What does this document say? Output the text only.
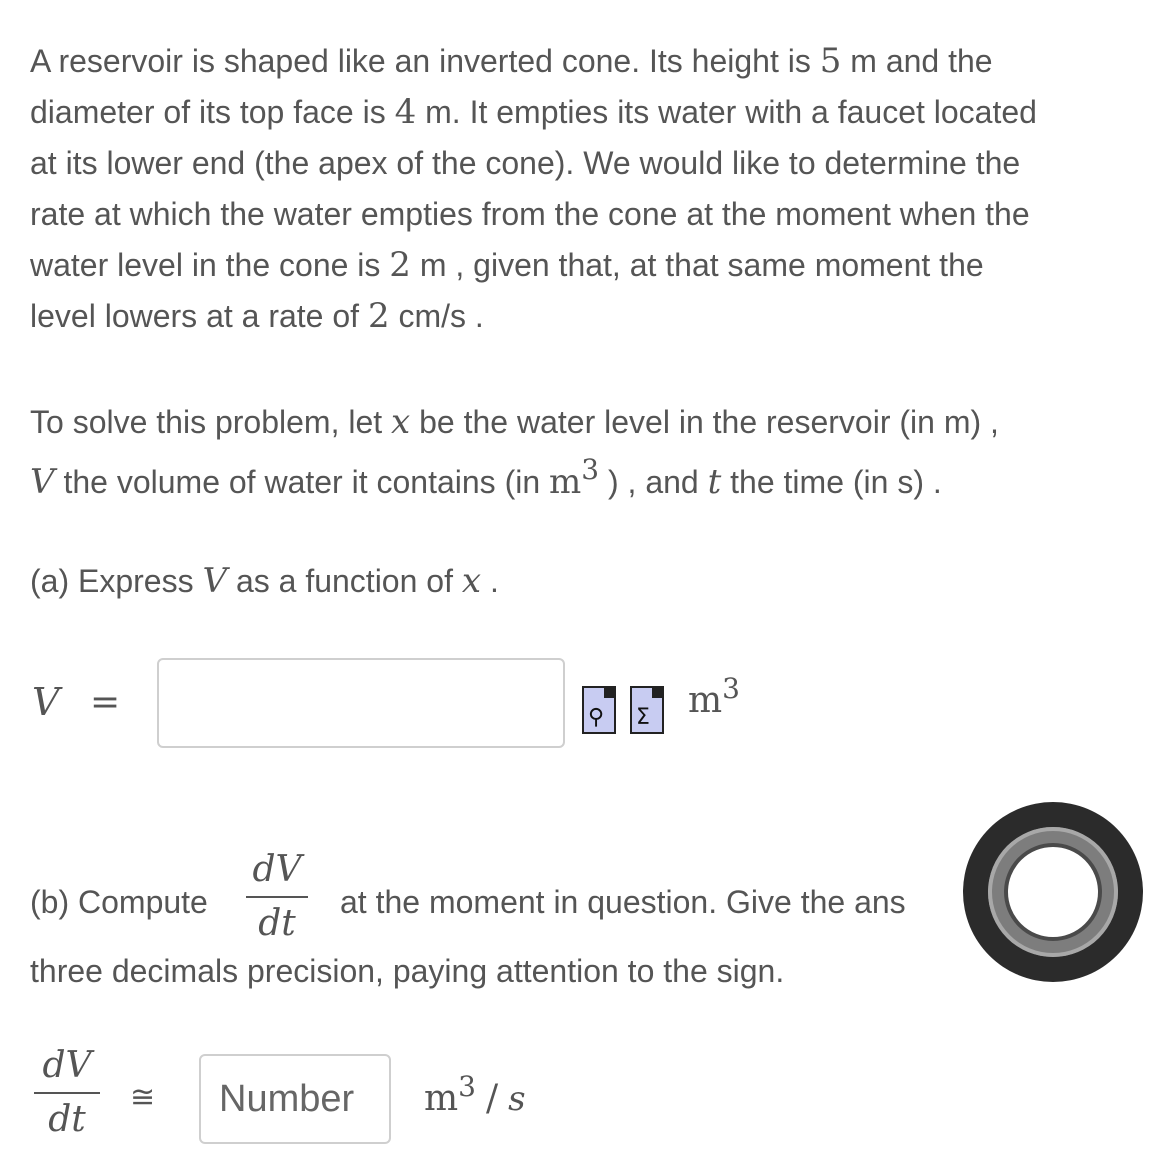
A reservoir is shaped like an inverted cone. Its height is 5 m and the
diameter of its top face is 4 m. It empties its water with a faucet located
at its lower end (the apex of the cone). We would like to determine the
rate at which the water empties from the cone at the moment when the
water level in the cone is 2 m , given that, at that same moment the
level lowers at a rate of 2 cm/s .
To solve this problem, let x be the water level in the reservoir (in m) ,
V the volume of water it contains (in m3 ) , and t the time (in s) .
(a) Express V as a function of x .
V =	⚲ Σ m3
(b) Compute
dV
dt
at the moment in question. Give the ans
three decimals precision, paying attention to the sign.
dV
dt
≅
Number	m3 / s
